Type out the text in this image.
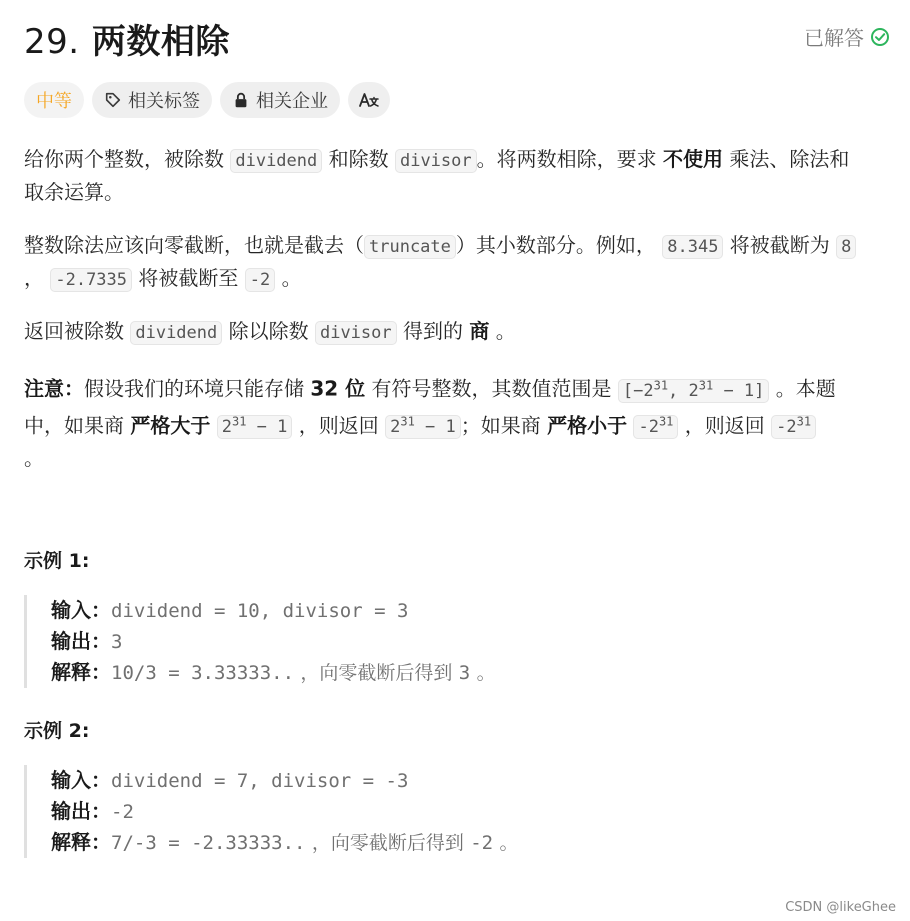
29. 两数相除	已解答
中等	相关标签	相关企业
给你两个整数，被除数 dividend 和除数 divisor 。将两数相除，要求 不使用 乘法、除法和
取余运算。
整数除法应该向零截断，也就是截去（ truncate ）其小数部分。例如， 8.345 将被截断为 8
， -2.7335 将被截断至 -2 。
返回被除数 dividend 除以除数 divisor 得到的 商 。
注意：假设我们的环境只能存储 32 位 有符号整数，其数值范围是 [$-2^{31}$, $2^{31} - 1$] 。本题
中，如果商 严格大于 $2^{31} - 1$ ，则返回 $2^{31} - 1$ ；如果商 严格小于 $-2^{31}$ ，则返回 $-2^{31}$
。
示例 1:
输入：dividend = 10, divisor = 3
输出：3
解释：10/3 = 3.33333.. ，向零截断后得到 3 。
示例 2:
输入：dividend = 7, divisor = -3
输出：-2
解释：7/-3 = -2.33333.. ，向零截断后得到 -2 。
CSDN @likeGhee
